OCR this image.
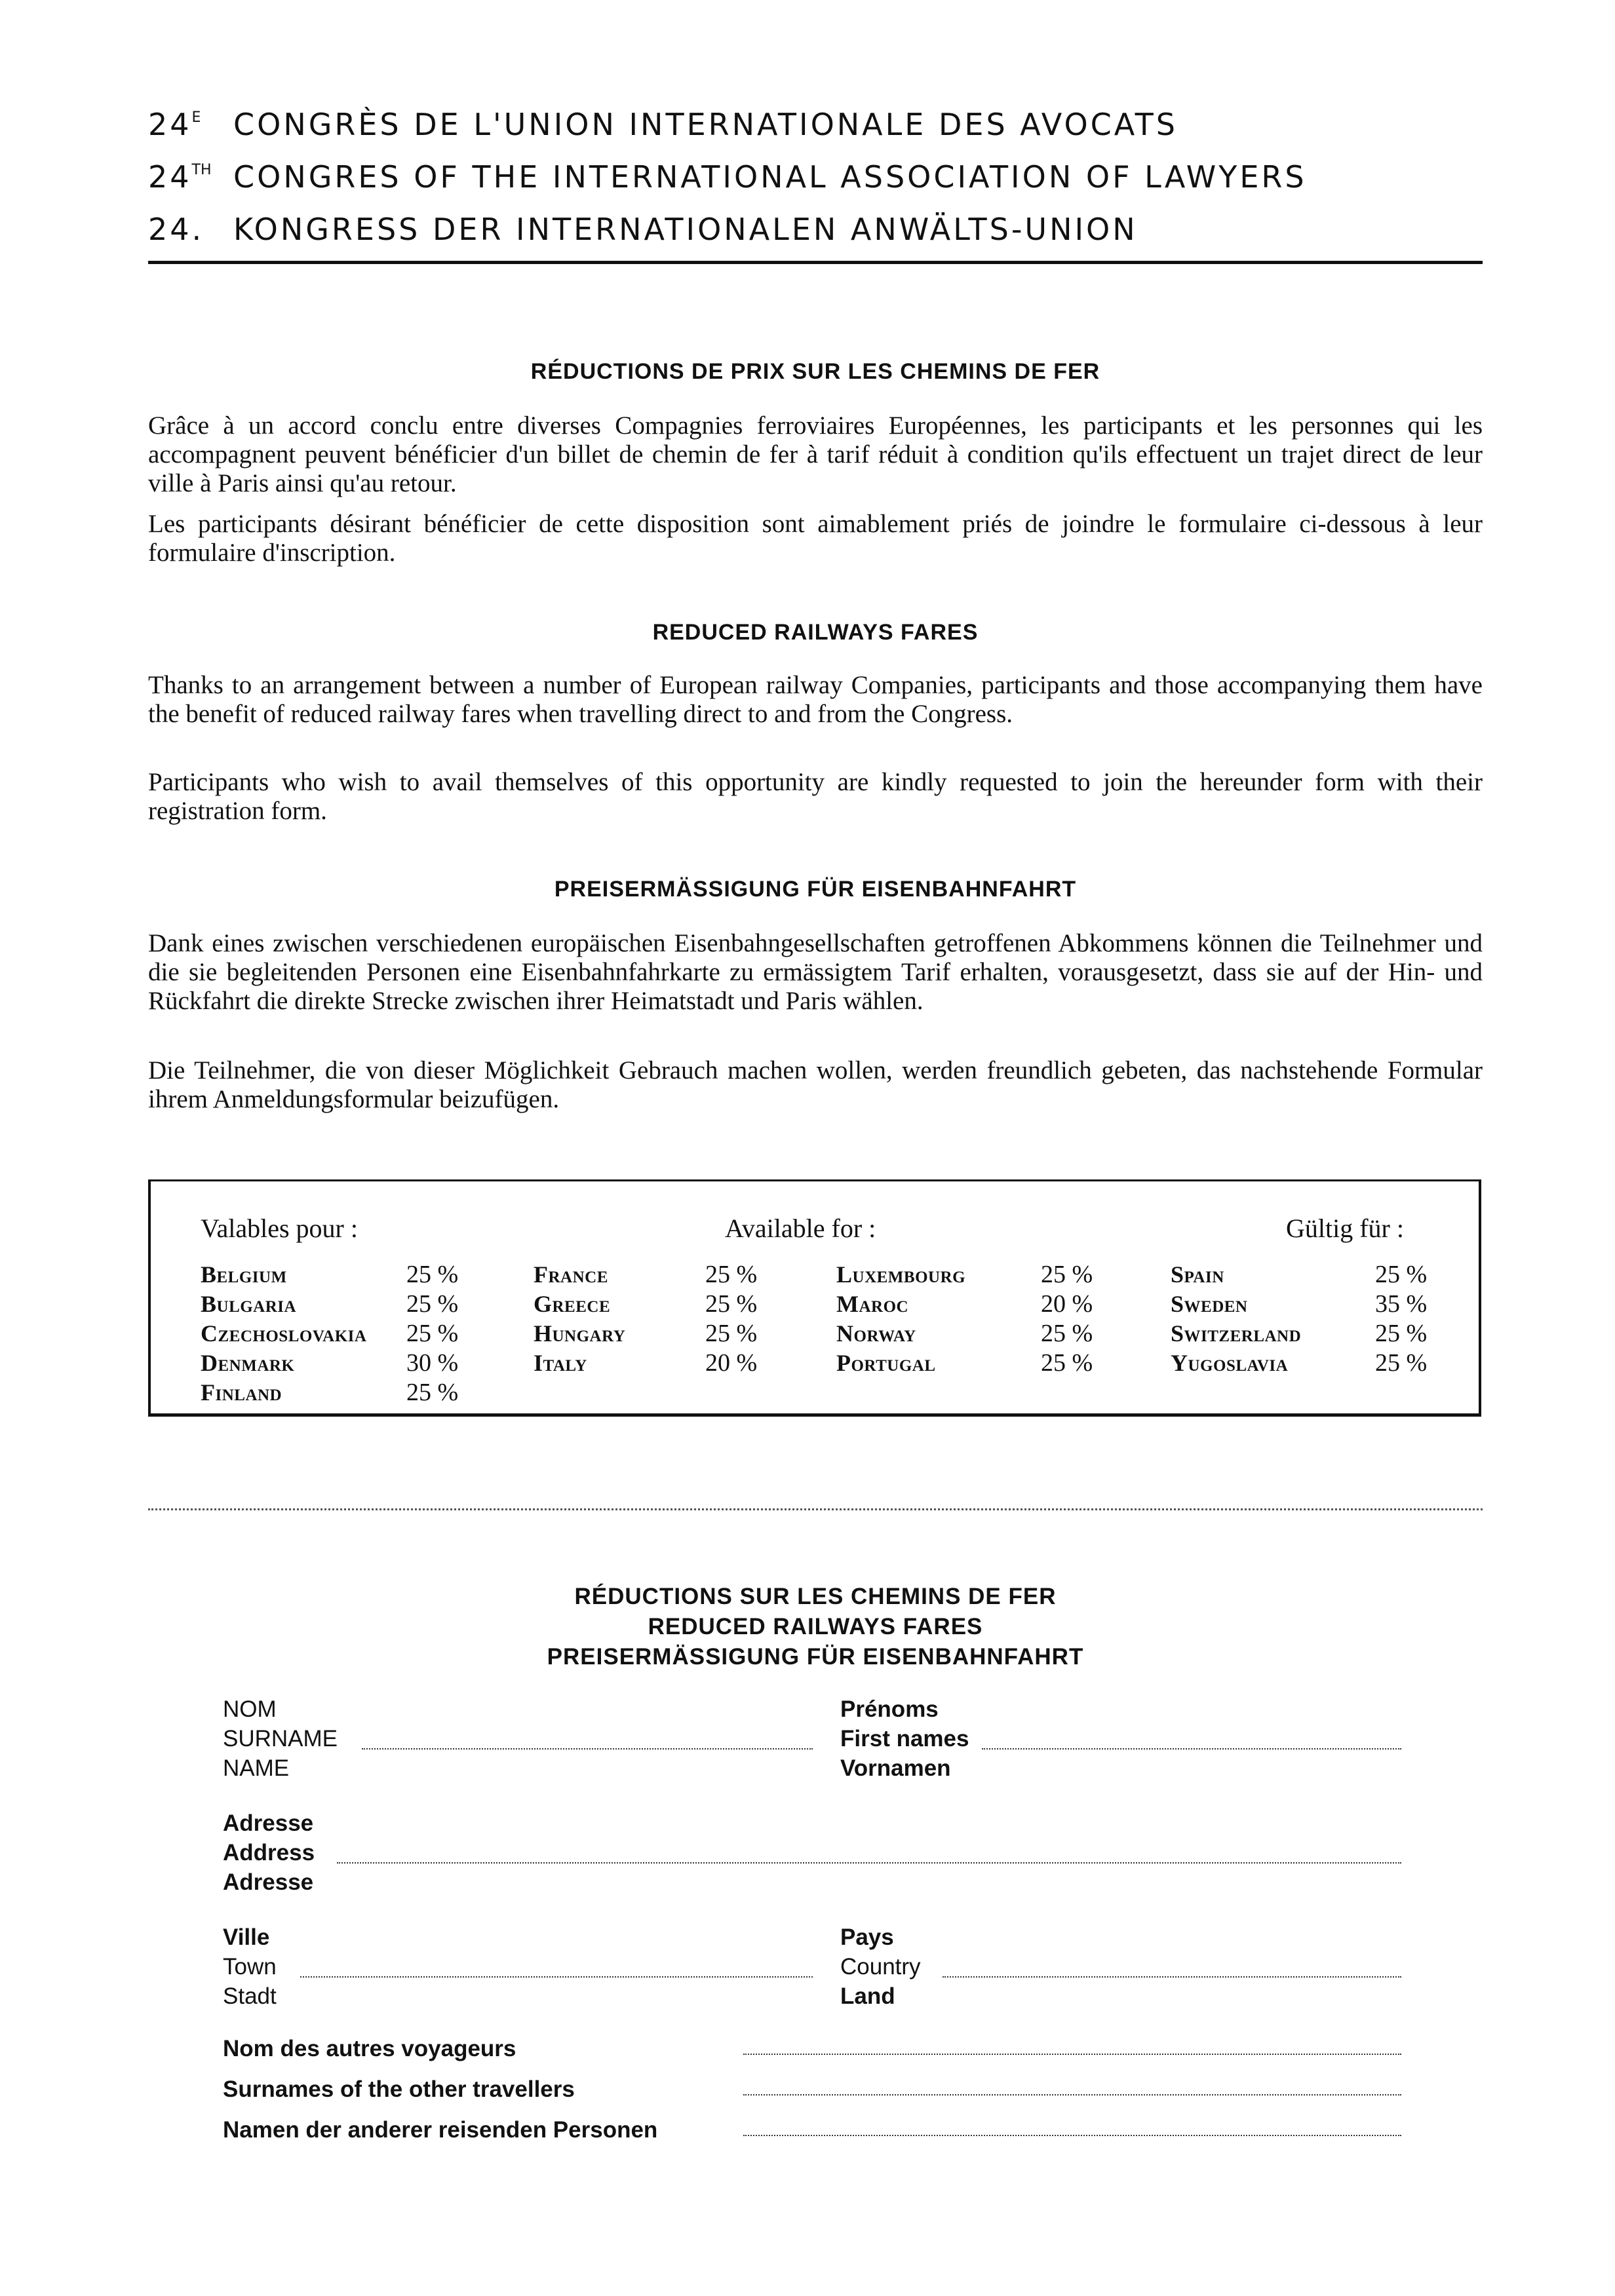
$24^E$ CONGRÈS DE L'UNION INTERNATIONALE DES AVOCATS
24TH CONGRES OF THE INTERNATIONAL ASSOCIATION OF LAWYERS
24. KONGRESS DER INTERNATIONALEN ANWÄLTS-UNION
RÉDUCTIONS DE PRIX SUR LES CHEMINS DE FER
Grâce à un accord conclu entre diverses Compagnies ferroviaires Européennes, les participants et les personnes qui les accompagnent peuvent bénéficier d'un billet de chemin de fer à tarif réduit à condition qu'ils effectuent un trajet direct de leur ville à Paris ainsi qu'au retour.
Les participants désirant bénéficier de cette disposition sont aimablement priés de joindre le formulaire ci-dessous à leur formulaire d'inscription.
REDUCED RAILWAYS FARES
Thanks to an arrangement between a number of European railway Companies, participants and those accompanying them have the benefit of reduced railway fares when travelling direct to and from the Congress.
Participants who wish to avail themselves of this opportunity are kindly requested to join the hereunder form with their registration form.
PREISERMÄSSIGUNG FÜR EISENBAHNFAHRT
Dank eines zwischen verschiedenen europäischen Eisenbahngesellschaften getroffenen Abkommens können die Teilnehmer und die sie begleitenden Personen eine Eisenbahnfahrkarte zu ermässigtem Tarif erhalten, vorausgesetzt, dass sie auf der Hin- und Rückfahrt die direkte Strecke zwischen ihrer Heimatstadt und Paris wählen.
Die Teilnehmer, die von dieser Möglichkeit Gebrauch machen wollen, werden freundlich gebeten, das nachstehende Formular ihrem Anmeldungsformular beizufügen.
Valables pour :	Available for :	Gültig für :
Belgium	25 %
Bulgaria	25 %
Czechoslovakia 25 %
Denmark	30 %
Finland	25 %
France	25 %
Greece	25 %
Hungary	25 %
Italy	20 %
Luxembourg	25 %
Maroc	20 %
Norway	25 %
Portugal	25 %
Spain	25 %
Sweden	35 %
Switzerland	25 %
Yugoslavia	25 %
RÉDUCTIONS SUR LES CHEMINS DE FER
REDUCED RAILWAYS FARES
PREISERMÄSSIGUNG FÜR EISENBAHNFAHRT
NOM
SURNAME
NAME
Prénoms
First names
Vornamen
Adresse
Address
Adresse
Ville
Town
Stadt
Pays
Country
Land
Nom des autres voyageurs
Surnames of the other travellers
Namen der anderer reisenden Personen
